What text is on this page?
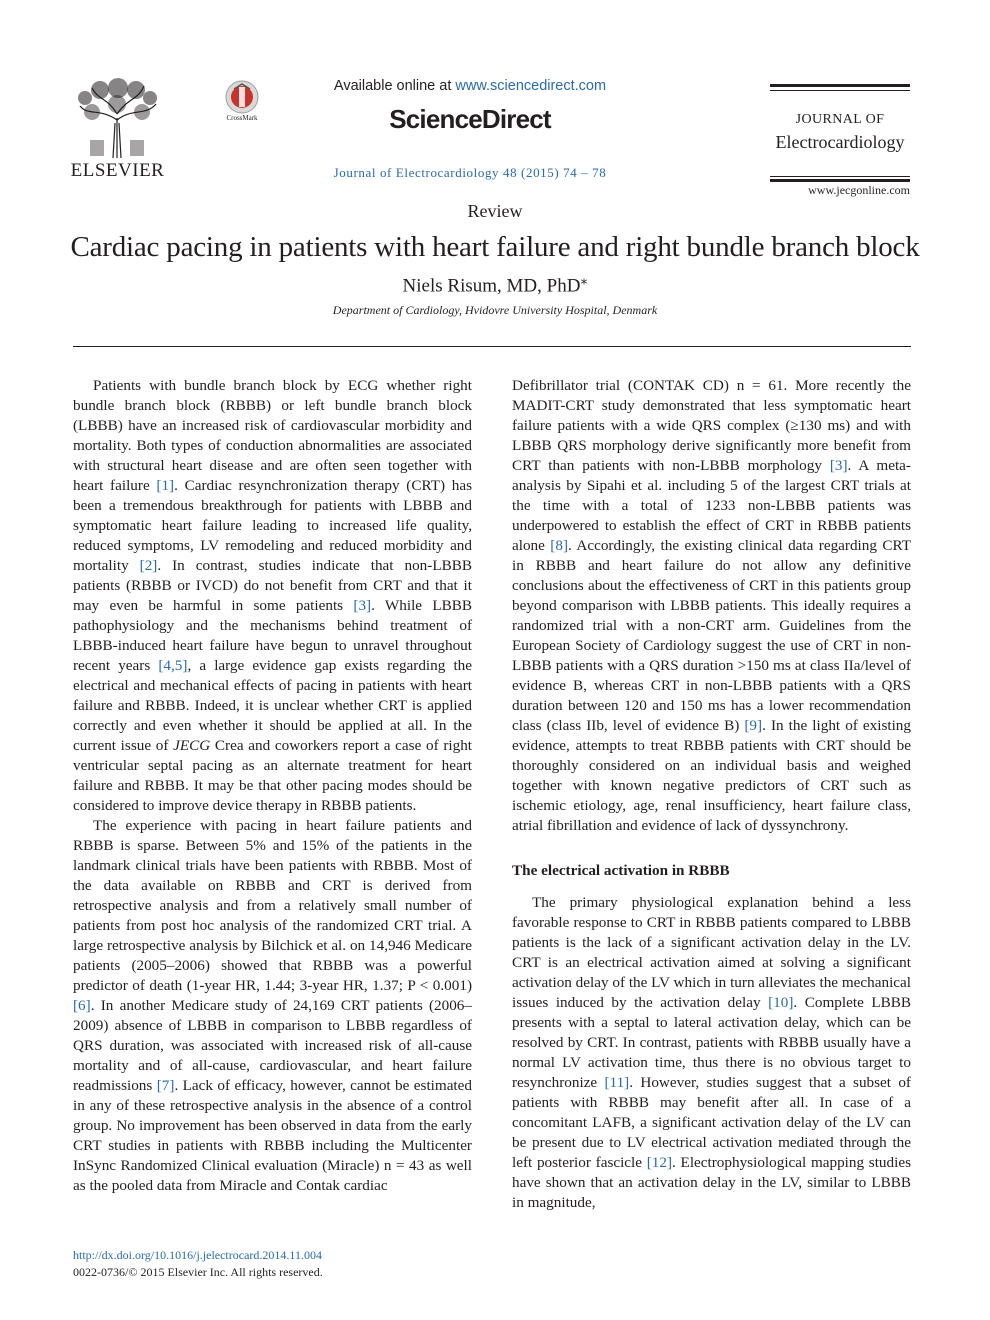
ELSEVIER
CrossMark
Available online at www.sciencedirect.com
ScienceDirect
Journal of Electrocardiology 48 (2015) 74 – 78
JOURNAL OF
Electrocardiology
www.jecgonline.com
Review
Cardiac pacing in patients with heart failure and right bundle branch block
Niels Risum, MD, PhD⁎
Department of Cardiology, Hvidovre University Hospital, Denmark

Patients with bundle branch block by ECG whether right bundle branch block (RBBB) or left bundle branch block (LBBB) have an increased risk of cardiovascular morbidity and mortality. Both types of conduction abnormalities are associated with structural heart disease and are often seen together with heart failure [1]. Cardiac resynchronization therapy (CRT) has been a tremendous breakthrough for patients with LBBB and symptomatic heart failure leading to increased life quality, reduced symptoms, LV remodeling and reduced morbidity and mortality [2]. In contrast, studies indicate that non-LBBB patients (RBBB or IVCD) do not benefit from CRT and that it may even be harmful in some patients [3]. While LBBB pathophysiology and the mechanisms behind treatment of LBBB-induced heart failure have begun to unravel throughout recent years [4,5], a large evidence gap exists regarding the electrical and mechanical effects of pacing in patients with heart failure and RBBB. Indeed, it is unclear whether CRT is applied correctly and even whether it should be applied at all. In the current issue of JECG Crea and coworkers report a case of right ventricular septal pacing as an alternate treatment for heart failure and RBBB. It may be that other pacing modes should be considered to improve device therapy in RBBB patients.

The experience with pacing in heart failure patients and RBBB is sparse. Between 5% and 15% of the patients in the landmark clinical trials have been patients with RBBB. Most of the data available on RBBB and CRT is derived from retrospective analysis and from a relatively small number of patients from post hoc analysis of the randomized CRT trial. A large retrospective analysis by Bilchick et al. on 14,946 Medicare patients (2005–2006) showed that RBBB was a powerful predictor of death (1-year HR, 1.44; 3-year HR, 1.37; P < 0.001) [6]. In another Medicare study of 24,169 CRT patients (2006–2009) absence of LBBB in comparison to LBBB regardless of QRS duration, was associated with increased risk of all-cause mortality and of all-cause, cardiovascular, and heart failure readmissions [7]. Lack of efficacy, however, cannot be estimated in any of these retrospective analysis in the absence of a control group. No improvement has been observed in data from the early CRT studies in patients with RBBB including the Multicenter InSync Randomized Clinical evaluation (Miracle) n = 43 as well as the pooled data from Miracle and Contak cardiac

Defibrillator trial (CONTAK CD) n = 61. More recently the MADIT-CRT study demonstrated that less symptomatic heart failure patients with a wide QRS complex (≥130 ms) and with LBBB QRS morphology derive significantly more benefit from CRT than patients with non-LBBB morphology [3]. A meta-analysis by Sipahi et al. including 5 of the largest CRT trials at the time with a total of 1233 non-LBBB patients was underpowered to establish the effect of CRT in RBBB patients alone [8]. Accordingly, the existing clinical data regarding CRT in RBBB and heart failure do not allow any definitive conclusions about the effectiveness of CRT in this patients group beyond comparison with LBBB patients. This ideally requires a randomized trial with a non-CRT arm. Guidelines from the European Society of Cardiology suggest the use of CRT in non-LBBB patients with a QRS duration >150 ms at class IIa/level of evidence B, whereas CRT in non-LBBB patients with a QRS duration between 120 and 150 ms has a lower recommendation class (class IIb, level of evidence B) [9]. In the light of existing evidence, attempts to treat RBBB patients with CRT should be thoroughly considered on an individual basis and weighed together with known negative predictors of CRT such as ischemic etiology, age, renal insufficiency, heart failure class, atrial fibrillation and evidence of lack of dyssynchrony.

The electrical activation in RBBB

The primary physiological explanation behind a less favorable response to CRT in RBBB patients compared to LBBB patients is the lack of a significant activation delay in the LV. CRT is an electrical activation aimed at solving a significant activation delay of the LV which in turn alleviates the mechanical issues induced by the activation delay [10]. Complete LBBB presents with a septal to lateral activation delay, which can be resolved by CRT. In contrast, patients with RBBB usually have a normal LV activation time, thus there is no obvious target to resynchronize [11]. However, studies suggest that a subset of patients with RBBB may benefit after all. In case of a concomitant LAFB, a significant activation delay of the LV can be present due to LV electrical activation mediated through the left posterior fascicle [12]. Electrophysiological mapping studies have shown that an activation delay in the LV, similar to LBBB in magnitude,

http://dx.doi.org/10.1016/j.jelectrocard.2014.11.004
0022-0736/© 2015 Elsevier Inc. All rights reserved.
